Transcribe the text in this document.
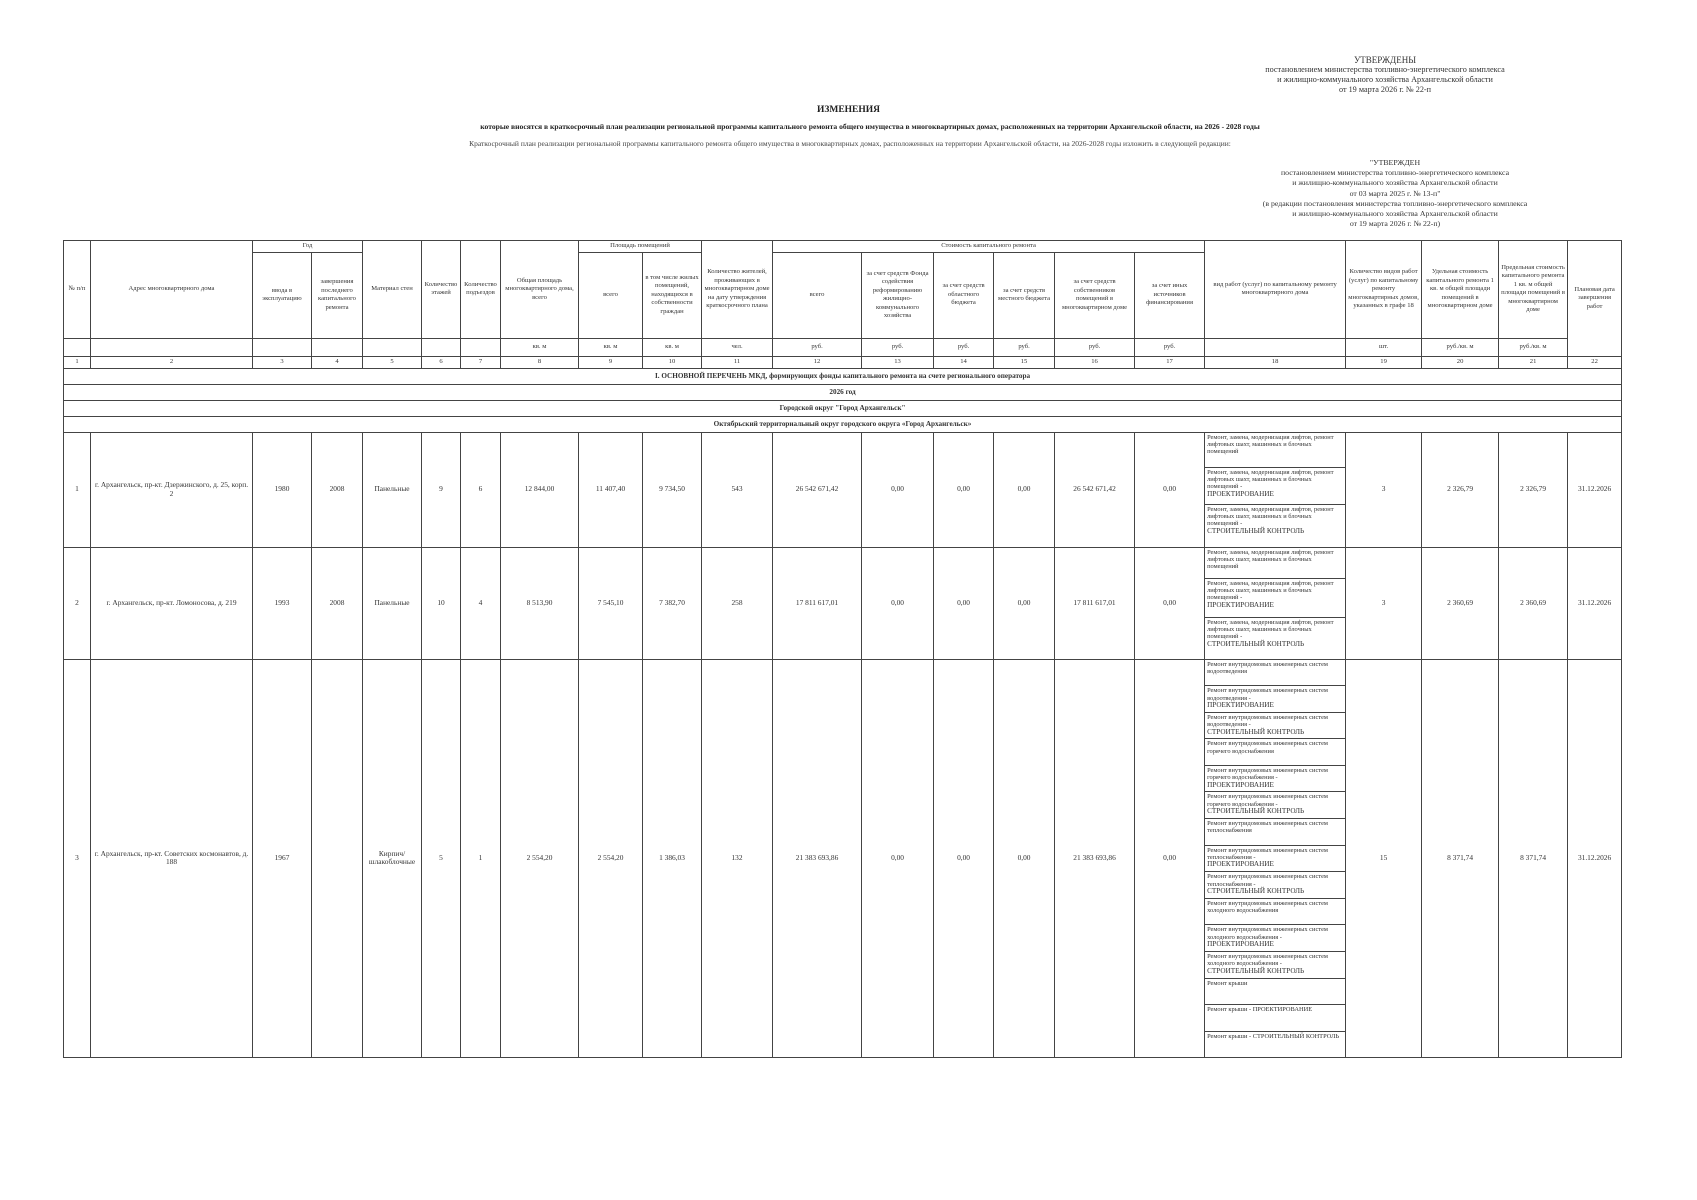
УТВЕРЖДЕНЫ
постановлением министерства топливно-энергетического комплекса
и жилищно-коммунального хозяйства Архангельской области
от 19 марта 2026 г. № 22-п
ИЗМЕНЕНИЯ
которые вносятся в краткосрочный план реализации региональной программы капитального ремонта общего имущества в многоквартирных домах, расположенных на территории Архангельской области, на 2026 - 2028 годы
Краткосрочный план реализации региональной программы капитального ремонта общего имущества в многоквартирных домах, расположенных на территории Архангельской области, на 2026-2028 годы изложить в следующей редакции:
"УТВЕРЖДЕН
постановлением министерства топливно-энергетического комплекса
и жилищно-коммунального хозяйства Архангельской области
от 03 марта 2025 г. № 13-п"
(в редакции постановления министерства топливно-энергетического комплекса
и жилищно-коммунального хозяйства Архангельской области
от 19 марта 2026 г. № 22-п)
№ п/п	Адрес многоквартирного дома	Год		Материал стен	Количество этажей	Количество подъездов	Общая площадь многоквартирного дома, всего	Площадь помещений		Количество жителей, проживающих в многоквартирном доме на дату утверждения краткосрочного плана	Стоимость капитального ремонта						вид работ (услуг) по капитальному ремонту многоквартирного дома	Количество видов работ (услуг) по капитальному ремонту многоквартирных домов, указанных в графе 18	Удельная стоимость капитального ремонта 1 кв. м общей площади помещений в многоквартирном доме	Предельная стоимость капитального ремонта 1 кв. м общей площади помещений в многоквартирном доме	Плановая дата завершения работ
		ввода в эксплуатацию	завершения последнего капитального ремонта					всего	в том числе жилых помещений, находящихся в собственности граждан		всего	за счет средств Фонда содействия реформированию жилищно-коммунального хозяйства	за счет средств областного бюджета	за счет средств местного бюджета	за счет средств собственников помещений в многоквартирном доме	за счет иных источников финансирования					
							кв. м	кв. м	кв. м	чел.	руб.	руб.	руб.	руб.	руб.	руб.		шт.	руб./кв. м	руб./кв. м	
1	2	3	4	5	6	7	8	9	10	11	12	13	14	15	16	17	18	19	20	21	22
I. ОСНОВНОЙ ПЕРЕЧЕНЬ МКД, формирующих фонды капитального ремонта на счете регионального оператора																					
2026 год																					
Городской округ "Город Архангельск"																					
Октябрьский территориальный округ городского округа «Город Архангельск»																					
1	г. Архангельск, пр-кт. Дзержинского, д. 25, корп. 2	1980	2008	Панельные	9	6	12 844,00	11 407,40	9 734,50	543	26 542 671,42	0,00	0,00	0,00	26 542 671,42	0,00	Ремонт, замена, модернизация лифтов, ремонт лифтовых шахт, машинных и блочных помещений	3	2 326,79	2 326,79	31.12.2026

																	Ремонт, замена, модернизация лифтов, ремонт лифтовых шахт, машинных и блочных помещений -
ПРОЕКТИРОВАНИЕ				

																	Ремонт, замена, модернизация лифтов, ремонт лифтовых шахт, машинных и блочных помещений -
СТРОИТЕЛЬНЫЙ КОНТРОЛЬ				

2	г. Архангельск, пр-кт. Ломоносова, д. 219	1993	2008	Панельные	10	4	8 513,90	7 545,10	7 382,70	258	17 811 617,01	0,00	0,00	0,00	17 811 617,01	0,00	Ремонт, замена, модернизация лифтов, ремонт лифтовых шахт, машинных и блочных помещений	3	2 360,69	2 360,69	31.12.2026

																	Ремонт, замена, модернизация лифтов, ремонт лифтовых шахт, машинных и блочных помещений -
ПРОЕКТИРОВАНИЕ				

																	Ремонт, замена, модернизация лифтов, ремонт лифтовых шахт, машинных и блочных помещений -
СТРОИТЕЛЬНЫЙ КОНТРОЛЬ				

3	г. Архангельск, пр-кт. Советских космонавтов, д. 188	1967		Кирпич/ шлакоблочные	5	1	2 554,20	2 554,20	1 386,03	132	21 383 693,86	0,00	0,00	0,00	21 383 693,86	0,00	Ремонт внутридомовых инженерных систем водоотведения	15	8 371,74	8 371,74	31.12.2026

																	Ремонт внутридомовых инженерных систем водоотведения -
ПРОЕКТИРОВАНИЕ				

																	Ремонт внутридомовых инженерных систем водоотведения -
СТРОИТЕЛЬНЫЙ КОНТРОЛЬ				

																	Ремонт внутридомовых инженерных систем горячего водоснабжения				

																	Ремонт внутридомовых инженерных систем горячего водоснабжения -
ПРОЕКТИРОВАНИЕ				

																	Ремонт внутридомовых инженерных систем горячего водоснабжения -
СТРОИТЕЛЬНЫЙ КОНТРОЛЬ				

																	Ремонт внутридомовых инженерных систем теплоснабжения				

																	Ремонт внутридомовых инженерных систем теплоснабжения -
ПРОЕКТИРОВАНИЕ				

																	Ремонт внутридомовых инженерных систем теплоснабжения -
СТРОИТЕЛЬНЫЙ КОНТРОЛЬ				

																	Ремонт внутридомовых инженерных систем холодного водоснабжения				

																	Ремонт внутридомовых инженерных систем холодного водоснабжения -
ПРОЕКТИРОВАНИЕ				

																	Ремонт внутридомовых инженерных систем холодного водоснабжения -
СТРОИТЕЛЬНЫЙ КОНТРОЛЬ				

																	Ремонт крыши				

																	Ремонт крыши - ПРОЕКТИРОВАНИЕ				

																	Ремонт крыши - СТРОИТЕЛЬНЫЙ КОНТРОЛЬ				
